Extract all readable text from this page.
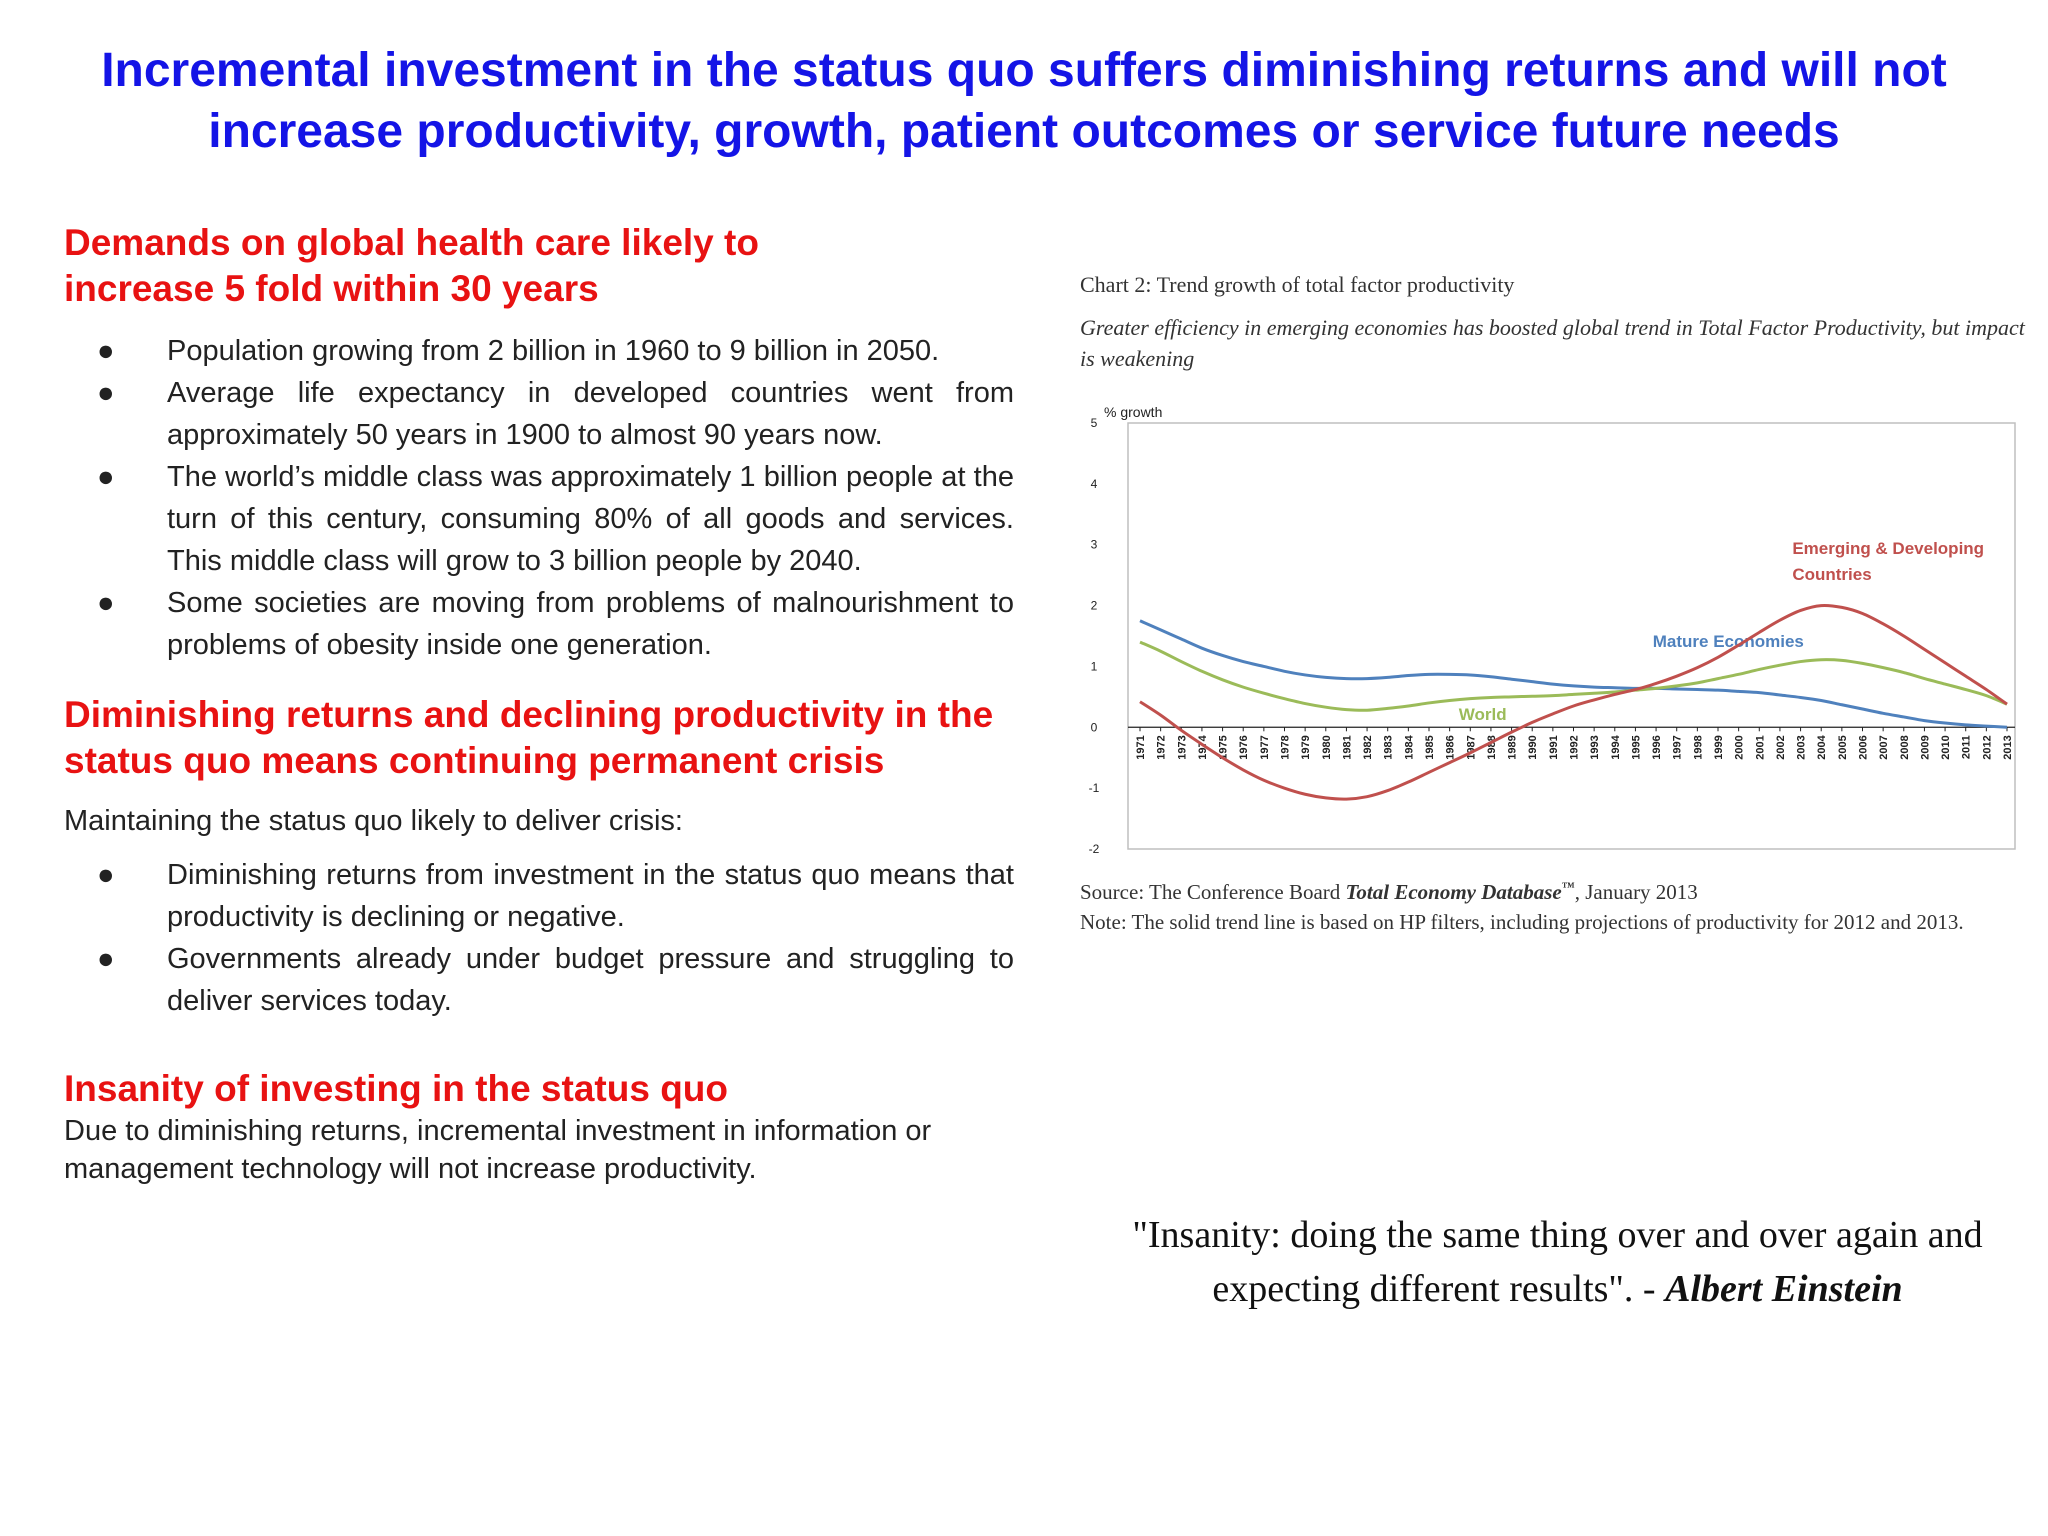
Incremental investment in the status quo suffers diminishing returns and will not increase productivity, growth, patient outcomes or service future needs
Demands on global health care likely to increase 5 fold within 30 years
● Population growing from 2 billion in 1960 to 9 billion in 2050.
● Average life expectancy in developed countries went from approximately 50 years in 1900 to almost 90 years now.
● The world’s middle class was approximately 1 billion people at the turn of this century, consuming 80% of all goods and services. This middle class will grow to 3 billion people by 2040.
● Some societies are moving from problems of malnourishment to problems of obesity inside one generation.
Diminishing returns and declining productivity in the status quo means continuing permanent crisis

Maintaining the status quo likely to deliver crisis:

● Diminishing returns from investment in the status quo means that productivity is declining or negative.
● Governments already under budget pressure and struggling to deliver services today.
Insanity of investing in the status quo

Due to diminishing returns, incremental investment in information or management technology will not increase productivity.

Chart 2: Trend growth of total factor productivity
Greater efficiency in emerging economies has boosted global trend in Total Factor Productivity, but impact is weakening
% growth
-2
-1
0
1
2
3
4
5
1971 1972 1973 1974 1975 1976 1977 1978 1979 1980 1981 1982 1983 1984 1985 1986 1987 1988 1989 1990 1991 1992 1993 1994 1995 1996 1997 1998 1999 2000 2001 2002 2003 2004 2005 2006 2007 2008 2009 2010 2011 2012 2013
Mature Economies
World
Emerging & Developing Countries
Source: The Conference Board Total Economy Database™, January 2013
Note: The solid trend line is based on HP filters, including projections of productivity for 2012 and 2013.
"Insanity: doing the same thing over and over again and expecting different results". - Albert Einstein
